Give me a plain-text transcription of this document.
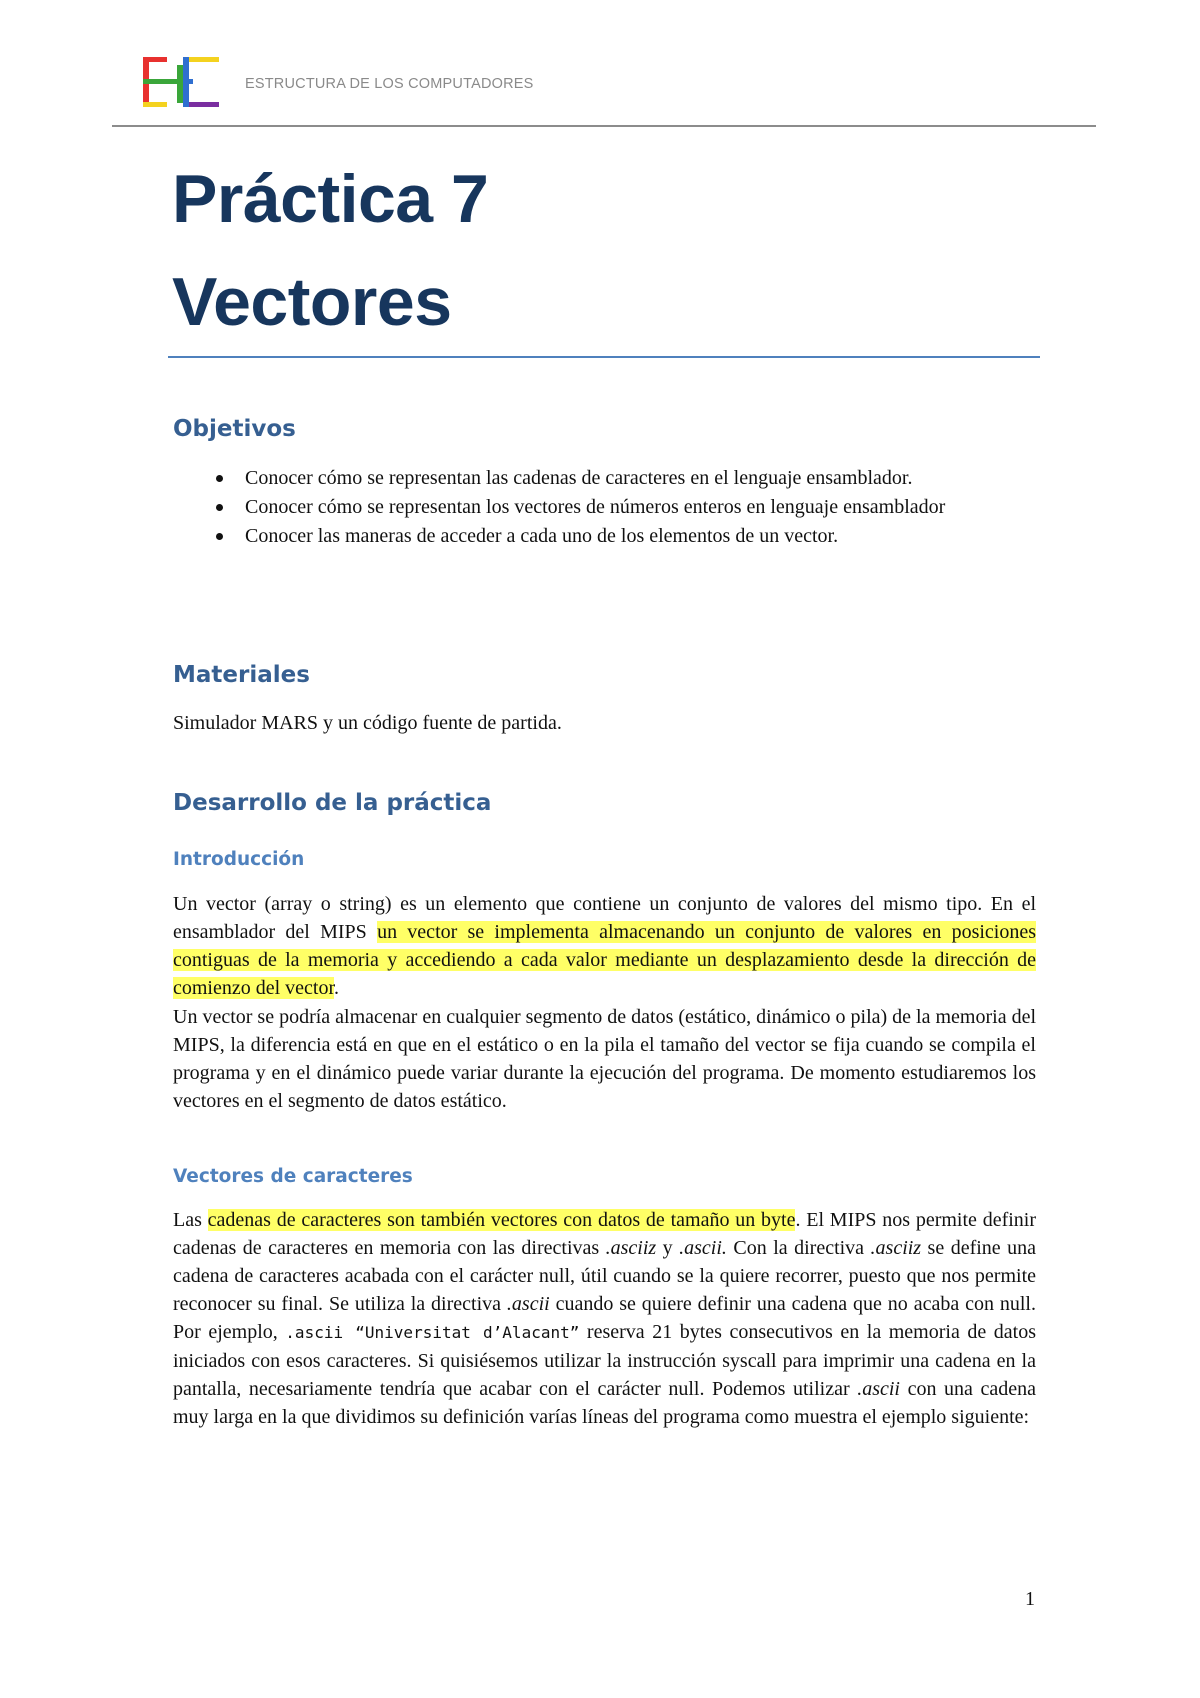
ESTRUCTURA DE LOS COMPUTADORES
Práctica 7
Vectores
Objetivos
Conocer cómo se representan las cadenas de caracteres en el lenguaje ensamblador.
Conocer cómo se representan los vectores de números enteros en lenguaje ensamblador
Conocer las maneras de acceder a cada uno de los elementos de un vector.
Materiales

Simulador MARS y un código fuente de partida.

Desarrollo de la práctica
Introducción

Un vector (array o string) es un elemento que contiene un conjunto de valores del mismo tipo. En el ensamblador del MIPS un vector se implementa almacenando un conjunto de valores en posiciones contiguas de la memoria y accediendo a cada valor mediante un desplazamiento desde la dirección de comienzo del vector.

Un vector se podría almacenar en cualquier segmento de datos (estático, dinámico o pila) de la memoria del MIPS, la diferencia está en que en el estático o en la pila el tamaño del vector se fija cuando se compila el programa y en el dinámico puede variar durante la ejecución del programa. De momento estudiaremos los vectores en el segmento de datos estático.

Vectores de caracteres

Las cadenas de caracteres son también vectores con datos de tamaño un byte. El MIPS nos permite definir cadenas de caracteres en memoria con las directivas .asciiz y .ascii. Con la directiva .asciiz se define una cadena de caracteres acabada con el carácter null, útil cuando se la quiere recorrer, puesto que nos permite reconocer su final. Se utiliza la directiva .ascii cuando se quiere definir una cadena que no acaba con null. Por ejemplo, .ascii “Universitat d’Alacant” reserva 21 bytes consecutivos en la memoria de datos iniciados con esos caracteres. Si quisiésemos utilizar la instrucción syscall para imprimir una cadena en la pantalla, necesariamente tendría que acabar con el carácter null. Podemos utilizar .ascii con una cadena muy larga en la que dividimos su definición varías líneas del programa como muestra el ejemplo siguiente:

1
